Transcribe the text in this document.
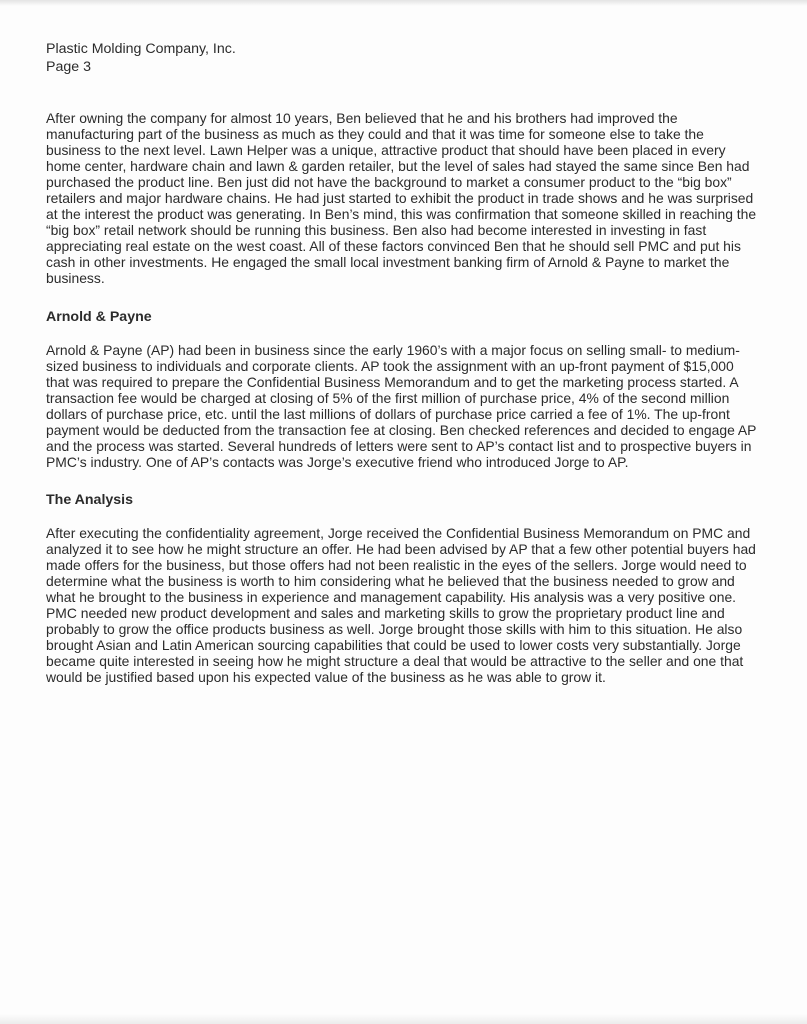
Plastic Molding Company, Inc.
Page 3

After owning the company for almost 10 years, Ben believed that he and his brothers had improved the manufacturing part of the business as much as they could and that it was time for someone else to take the business to the next level. Lawn Helper was a unique, attractive product that should have been placed in every home center, hardware chain and lawn & garden retailer, but the level of sales had stayed the same since Ben had purchased the product line. Ben just did not have the background to market a consumer product to the “big box” retailers and major hardware chains. He had just started to exhibit the product in trade shows and he was surprised at the interest the product was generating. In Ben’s mind, this was confirmation that someone skilled in reaching the “big box” retail network should be running this business. Ben also had become interested in investing in fast appreciating real estate on the west coast. All of these factors convinced Ben that he should sell PMC and put his cash in other investments. He engaged the small local investment banking firm of Arnold & Payne to market the business.

Arnold & Payne

Arnold & Payne (AP) had been in business since the early 1960’s with a major focus on selling small- to medium-sized business to individuals and corporate clients. AP took the assignment with an up-front payment of $15,000 that was required to prepare the Confidential Business Memorandum and to get the marketing process started. A transaction fee would be charged at closing of 5% of the first million of purchase price, 4% of the second million dollars of purchase price, etc. until the last millions of dollars of purchase price carried a fee of 1%. The up-front payment would be deducted from the transaction fee at closing. Ben checked references and decided to engage AP and the process was started. Several hundreds of letters were sent to AP’s contact list and to prospective buyers in PMC’s industry. One of AP’s contacts was Jorge’s executive friend who introduced Jorge to AP.

The Analysis

After executing the confidentiality agreement, Jorge received the Confidential Business Memorandum on PMC and analyzed it to see how he might structure an offer. He had been advised by AP that a few other potential buyers had made offers for the business, but those offers had not been realistic in the eyes of the sellers. Jorge would need to determine what the business is worth to him considering what he believed that the business needed to grow and what he brought to the business in experience and management capability. His analysis was a very positive one. PMC needed new product development and sales and marketing skills to grow the proprietary product line and probably to grow the office products business as well. Jorge brought those skills with him to this situation. He also brought Asian and Latin American sourcing capabilities that could be used to lower costs very substantially. Jorge became quite interested in seeing how he might structure a deal that would be attractive to the seller and one that would be justified based upon his expected value of the business as he was able to grow it.
